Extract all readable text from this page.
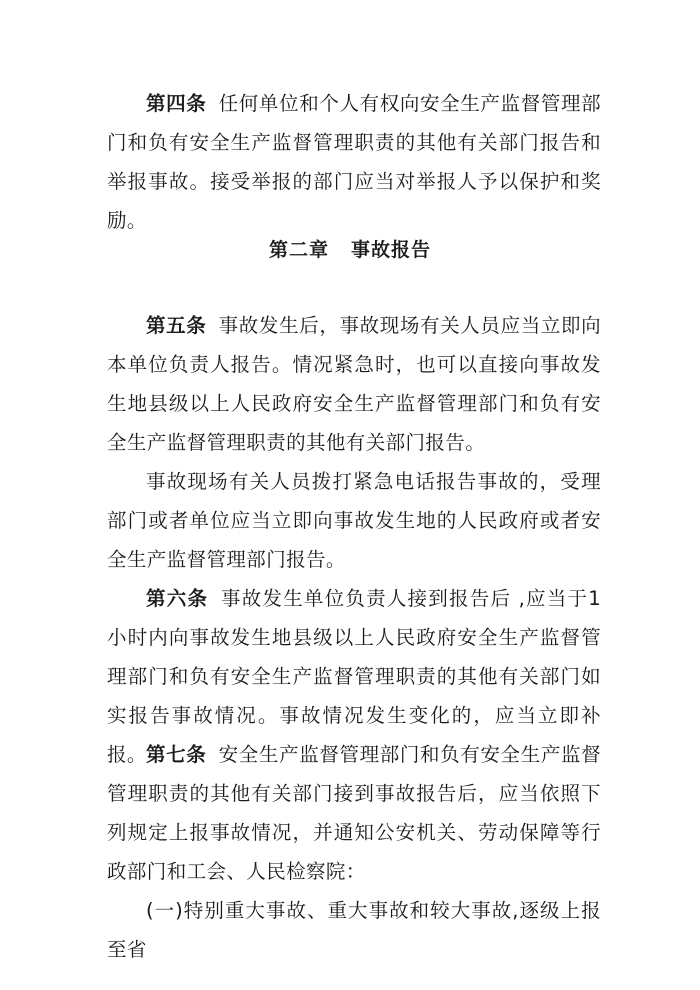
第四条 任何单位和个人有权向安全生产监督管理部门和负有安全生产监督管理职责的其他有关部门报告和举报事故。接受举报的部门应当对举报人予以保护和奖励。

第二章 事故报告

第五条 事故发生后，事故现场有关人员应当立即向本单位负责人报告。情况紧急时，也可以直接向事故发生地县级以上人民政府安全生产监督管理部门和负有安全生产监督管理职责的其他有关部门报告。

事故现场有关人员拨打紧急电话报告事故的，受理部门或者单位应当立即向事故发生地的人民政府或者安全生产监督管理部门报告。

第六条 事故发生单位负责人接到报告后 ,应当于1小时内向事故发生地县级以上人民政府安全生产监督管理部门和负有安全生产监督管理职责的其他有关部门如实报告事故情况。事故情况发生变化的，应当立即补报。 第七条 安全生产监督管理部门和负有安全生产监督管理职责的其他有关部门接到事故报告后，应当依照下列规定上报事故情况，并通知公安机关、劳动保障等行政部门和工会、人民检察院：

(一)特别重大事故、重大事故和较大事故,逐级上报至省
